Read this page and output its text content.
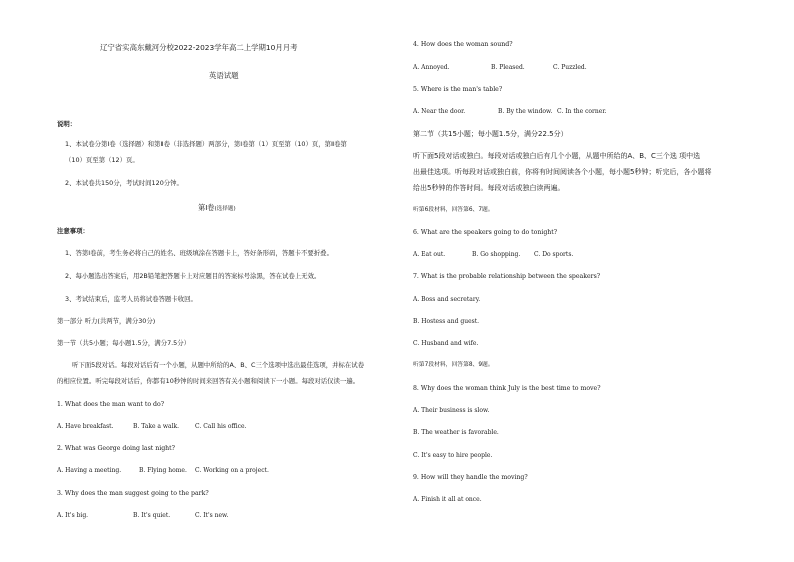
辽宁省实高东戴河分校2022-2023学年高二上学期10月月考
英语试题
说明：
1、本试卷分第Ⅰ卷（选择题）和第Ⅱ卷（非选择题）两部分，第Ⅰ卷第（1）页至第（10）页，第Ⅱ卷第
（10）页至第（12）页。
2、本试卷共150分，考试时间120分钟。
第Ⅰ卷(选择题)
注意事项：
1、答第Ⅰ卷前，考生务必将自己的姓名、班级填涂在答题卡上，答好条形码，答题卡不要折叠。
2、每小题选出答案后，用2B铅笔把答题卡上对应题目的答案标号涂黑，答在试卷上无效。
3、考试结束后，监考人员将试卷答题卡收回。
第一部分 听力(共两节，满分30分)
第一节（共5小题；每小题1.5分，满分7.5分）
听下面5段对话。每段对话后有一个小题，从题中所给的A、B、C三个选项中选出最佳选项，并标在试卷
的相应位置。听完每段对话后，你都有10秒钟的时间来回答有关小题和阅读下一小题。每段对话仅读一遍。
1. What does the man want to do?
A. Have breakfast.	B. Take a walk.	C. Call his office.
2. What was George doing last night?
A. Having a meeting.	B. Flying home. C. Working on a project.
3. Why does the man suggest going to the park?
A. It's big.	B. It's quiet.	C. It's new.
4. How does the woman sound?
A. Annoyed.	B. Pleased.	C. Puzzled.
5. Where is the man's table?
A. Near the door.	B. By the window. C. In the corner.
第二节（共15小题；每小题1.5分，满分22.5分）
听下面5段对话或独白。每段对话或独白后有几个小题，从题中所给的A、B、C三个选 项中选
出最佳选项。听每段对话或独白前，你将有时间阅读各个小题，每小题5秒钟；听完后，各小题将
给出5秒钟的作答时间。每段对话或独白读两遍。
听第6段材料，回答第6、7题。
6. What are the speakers going to do tonight?
A. Eat out.	B. Go shopping. C. Do sports.
7. What is the probable relationship between the speakers?
A. Boss and secretary.
B. Hostess and guest.
C. Husband and wife.
听第7段材料，回答第8、9题。
8. Why does the woman think July is the best time to move?
A. Their business is slow.
B. The weather is favorable.
C. It's easy to hire people.
9. How will they handle the moving?
A. Finish it all at once.
